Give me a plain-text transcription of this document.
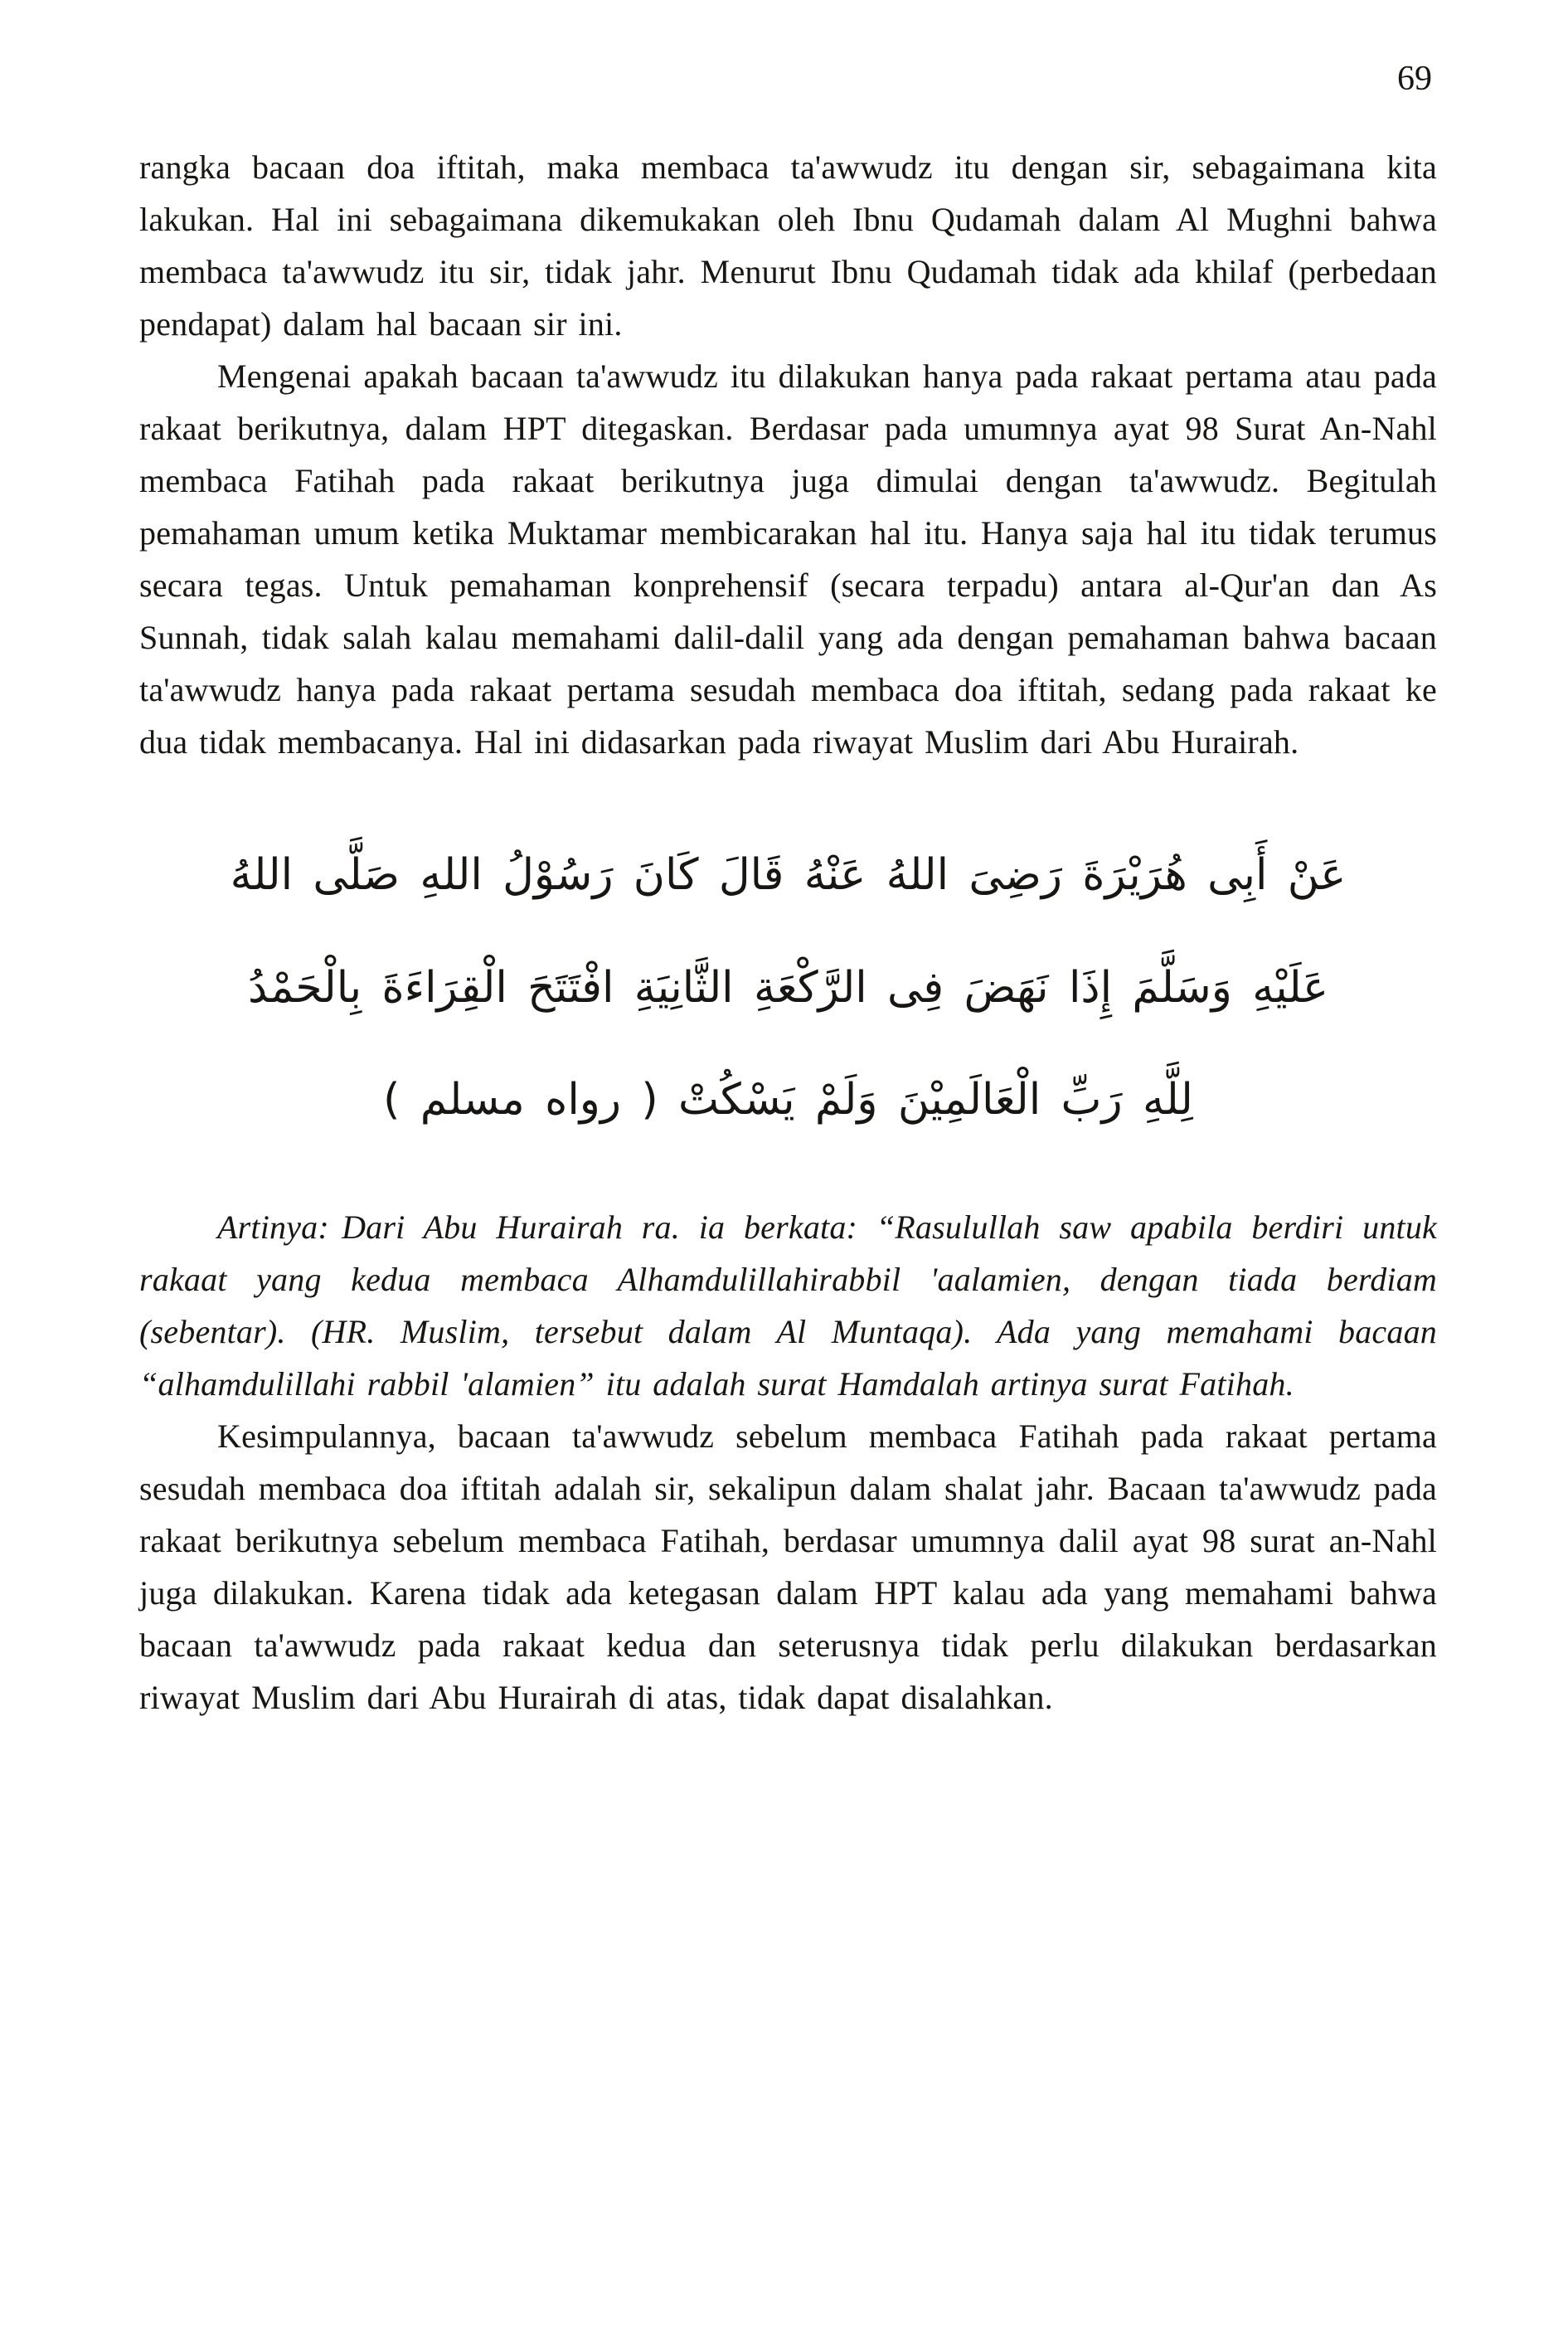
69

rangka bacaan doa iftitah, maka membaca ta'awwudz itu dengan sir, sebagaimana kita lakukan. Hal ini sebagaimana dikemukakan oleh Ibnu Qudamah dalam Al Mughni bahwa membaca ta'awwudz itu sir, tidak jahr. Menurut Ibnu Qudamah tidak ada khilaf (perbedaan pendapat) dalam hal bacaan sir ini.

Mengenai apakah bacaan ta'awwudz itu dilakukan hanya pada rakaat pertama atau pada rakaat berikutnya, dalam HPT ditegaskan. Berdasar pada umumnya ayat 98 Surat An-Nahl membaca Fatihah pada rakaat berikutnya juga dimulai dengan ta'awwudz. Begitulah pemahaman umum ketika Muktamar membicarakan hal itu. Hanya saja hal itu tidak terumus secara tegas. Untuk pemahaman konprehensif (secara terpadu) antara al-Qur'an dan As Sunnah, tidak salah kalau memahami dalil-dalil yang ada dengan pemahaman bahwa bacaan ta'awwudz hanya pada rakaat pertama sesudah membaca doa iftitah, sedang pada rakaat ke dua tidak membacanya. Hal ini didasarkan pada riwayat Muslim dari Abu Hurairah.

عَنْ أَبِى هُرَيْرَةَ رَضِىَ اللهُ عَنْهُ قَالَ كَانَ رَسُوْلُ اللهِ صَلَّى اللهُ
عَلَيْهِ وَسَلَّمَ إِذَا نَهَضَ فِى الرَّكْعَةِ الثَّانِيَةِ افْتَتَحَ الْقِرَاءَةَ بِالْحَمْدُ
لِلَّهِ رَبِّ الْعَالَمِيْنَ وَلَمْ يَسْكُتْ ( رواه مسلم )

Artinya: Dari Abu Hurairah ra. ia berkata: “Rasulullah saw apabila berdiri untuk rakaat yang kedua membaca Alhamdulillahirabbil 'aalamien, dengan tiada berdiam (sebentar). (HR. Muslim, tersebut dalam Al Muntaqa). Ada yang memahami bacaan “alhamdulillahi rabbil 'alamien” itu adalah surat Hamdalah artinya surat Fatihah.

Kesimpulannya, bacaan ta'awwudz sebelum membaca Fatihah pada rakaat pertama sesudah membaca doa iftitah adalah sir, sekalipun dalam shalat jahr. Bacaan ta'awwudz pada rakaat berikutnya sebelum membaca Fatihah, berdasar umumnya dalil ayat 98 surat an-Nahl juga dilakukan. Karena tidak ada ketegasan dalam HPT kalau ada yang memahami bahwa bacaan ta'awwudz pada rakaat kedua dan seterusnya tidak perlu dilakukan berdasarkan riwayat Muslim dari Abu Hurairah di atas, tidak dapat disalahkan.
